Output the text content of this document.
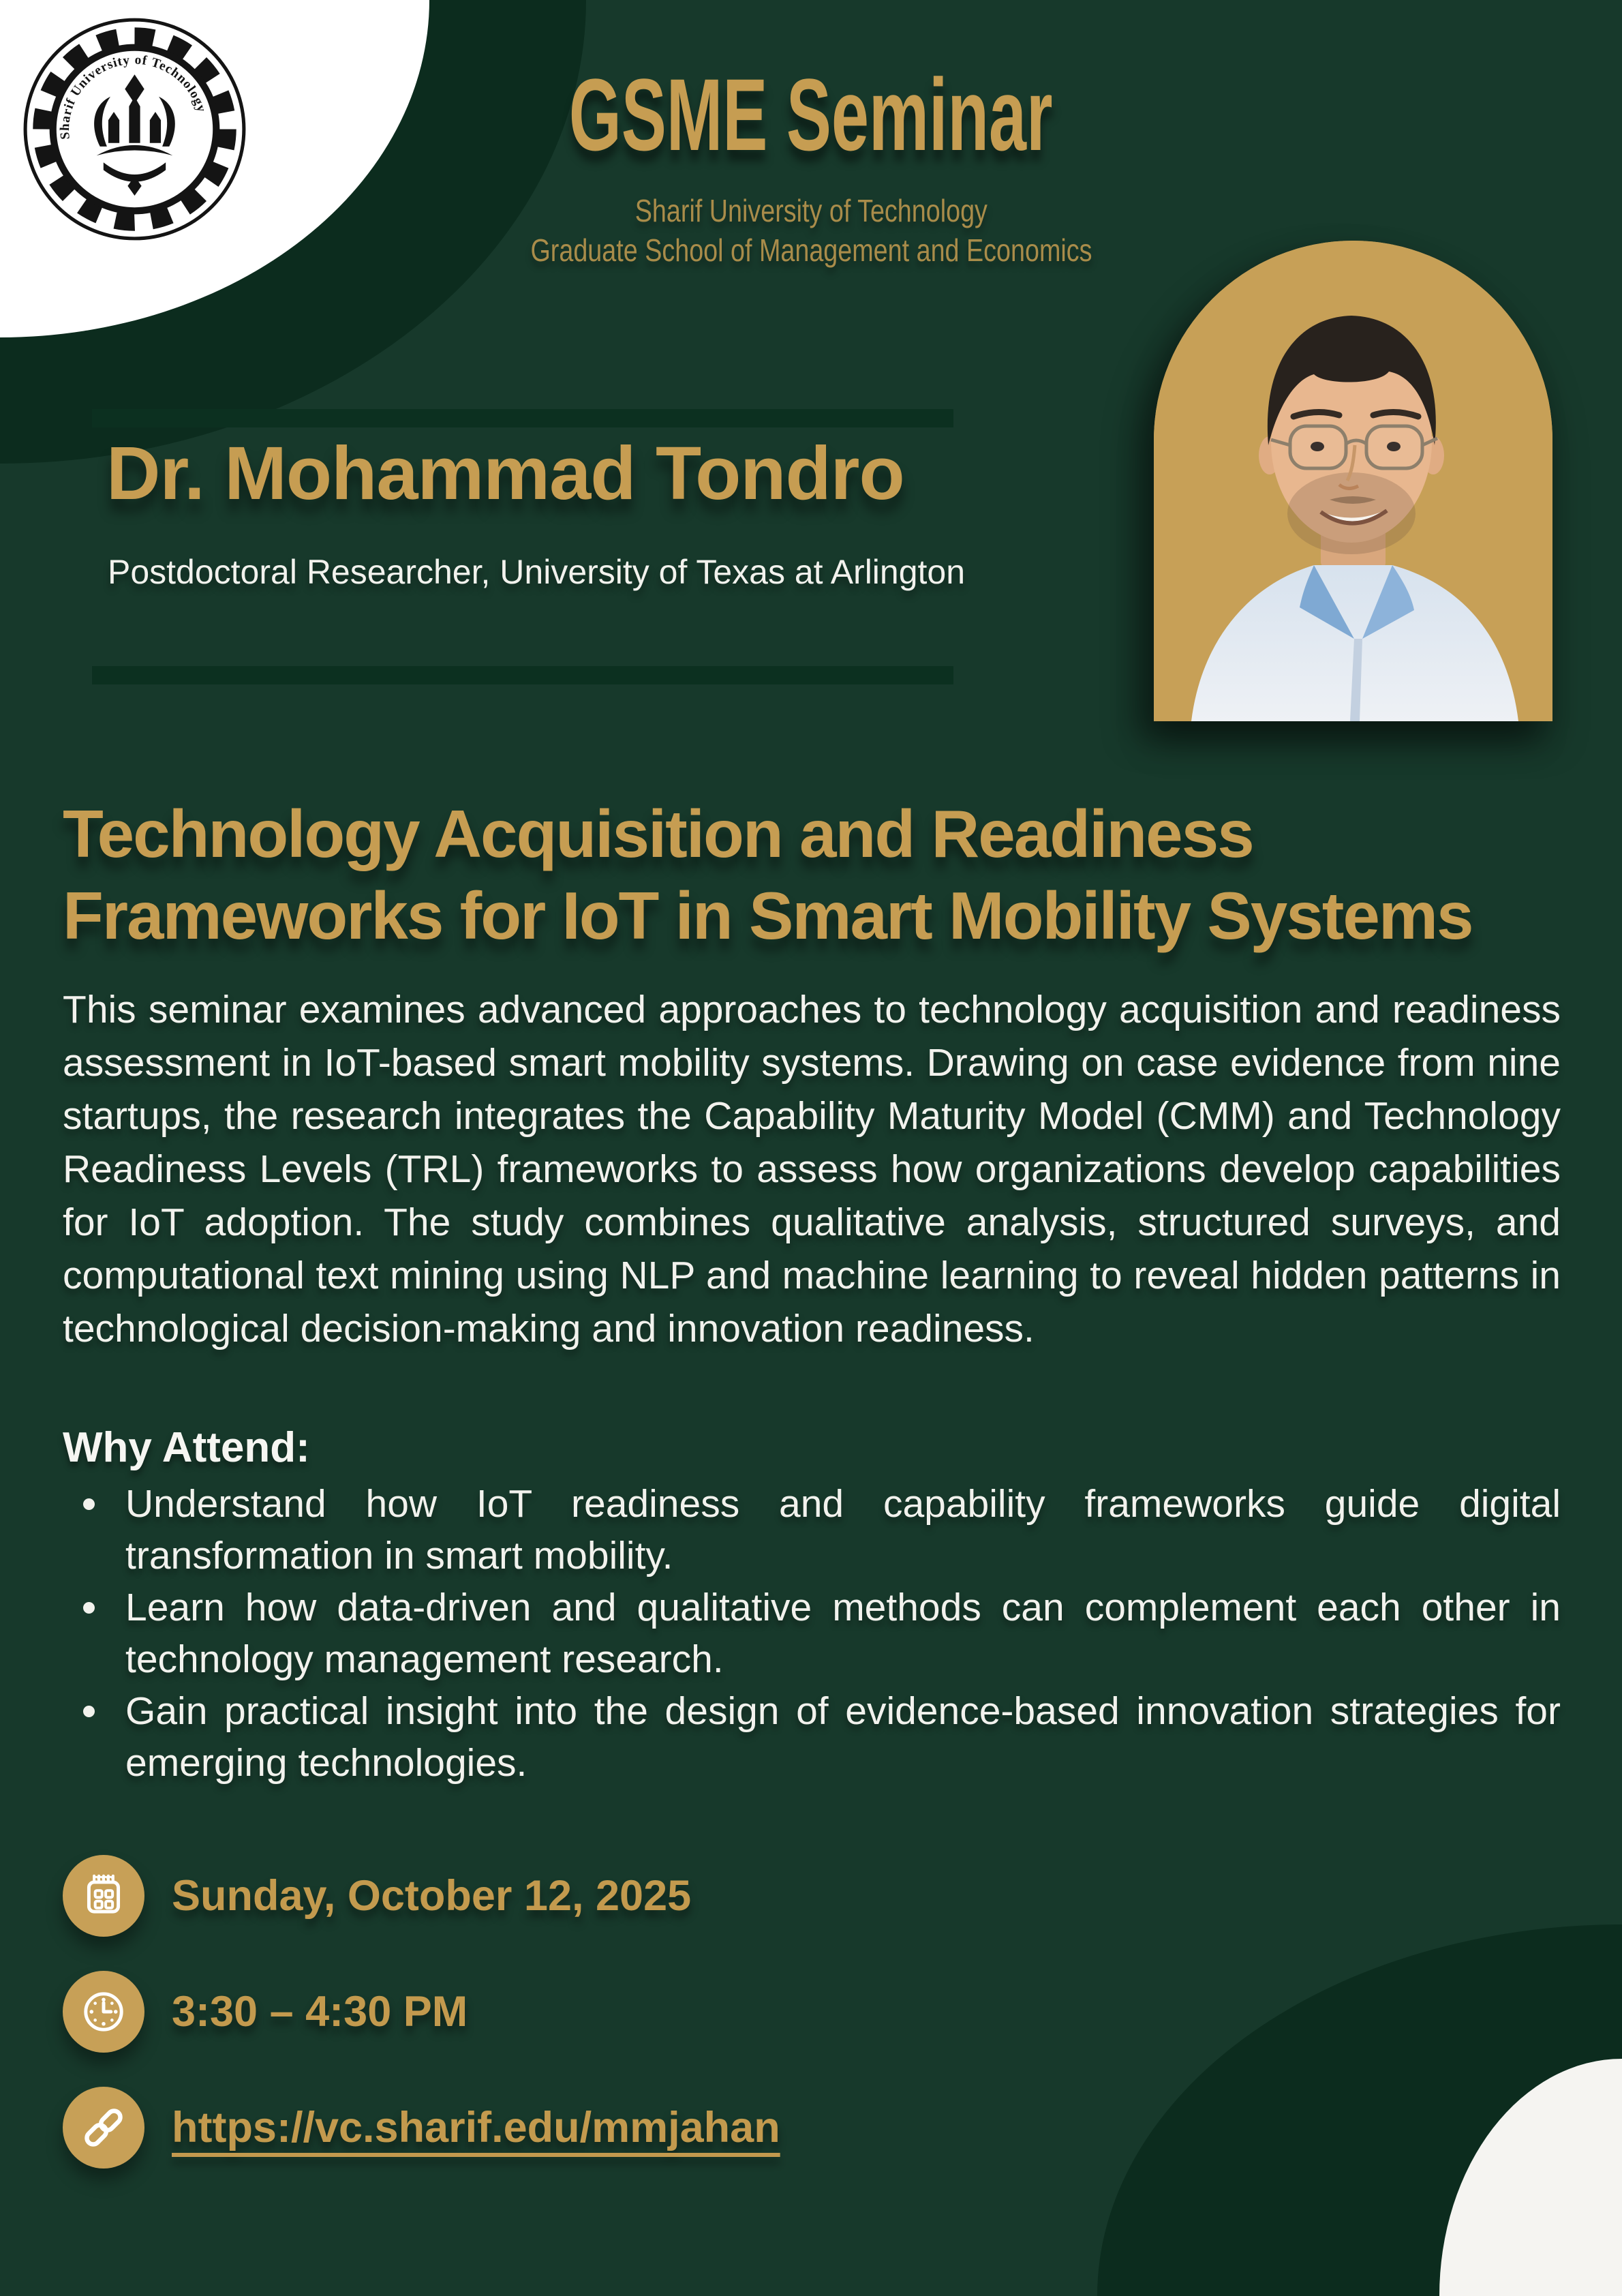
Sharif University of Technology	GSME Seminar
Sharif University of Technology
Graduate School of Management and Economics
Dr. Mohammad Tondro
Postdoctoral Researcher, University of Texas at Arlington
Technology Acquisition and Readiness
Frameworks for IoT in Smart Mobility Systems
This seminar examines advanced approaches to technology acquisition and readiness assessment in IoT-based smart mobility systems. Drawing on case evidence from nine startups, the research integrates the Capability Maturity Model (CMM) and Technology Readiness Levels (TRL) frameworks to assess how organizations develop capabilities for IoT adoption. The study combines qualitative analysis, structured surveys, and computational text mining using NLP and machine learning to reveal hidden patterns in technological decision-making and innovation readiness.
Why Attend:
Understand how IoT readiness and capability frameworks guide digital transformation in smart mobility.
Learn how data-driven and qualitative methods can complement each other in technology management research.
Gain practical insight into the design of evidence-based innovation strategies for emerging technologies.
Sunday, October 12, 2025
3:30 – 4:30 PM
https://vc.sharif.edu/mmjahan
